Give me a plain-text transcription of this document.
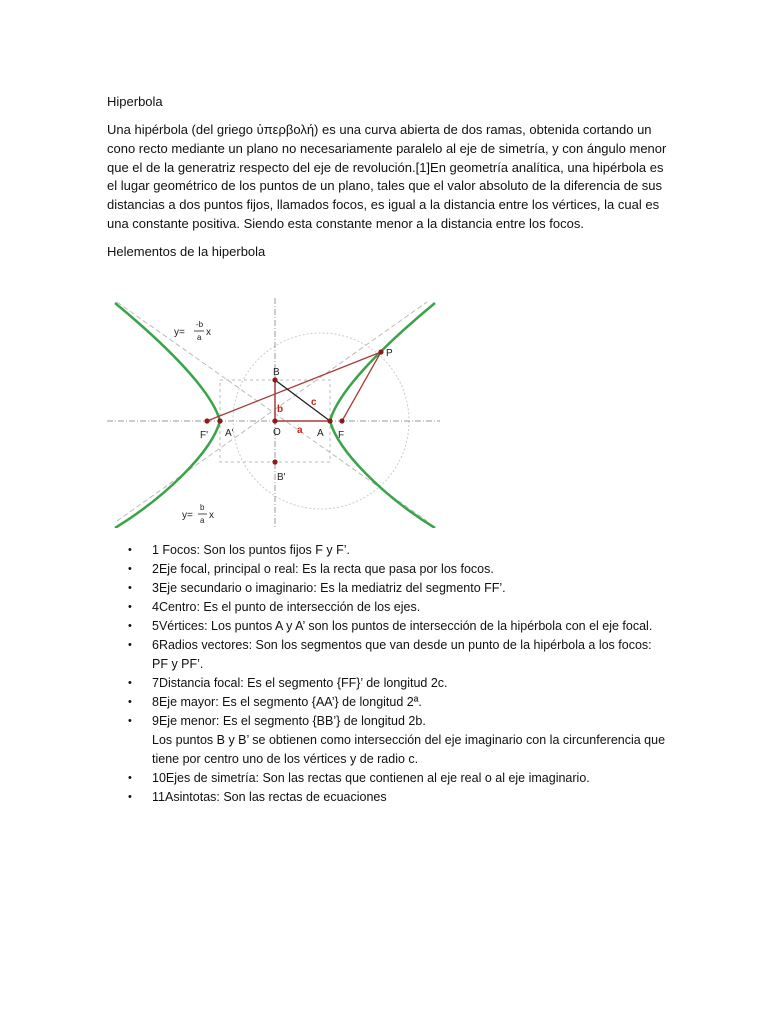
Hiperbola

Una hipérbola (del griego ὑπερβολή) es una curva abierta de dos ramas, obtenida cortando un cono recto mediante un plano no necesariamente paralelo al eje de simetría, y con ángulo menor que el de la generatriz respecto del eje de revolución.[1]En geometría analítica, una hipérbola es el lugar geométrico de los puntos de un plano, tales que el valor absoluto de la diferencia de sus distancias a dos puntos fijos, llamados focos, es igual a la distancia entre los vértices, la cual es una constante positiva. Siendo esta constante menor a la distancia entre los focos.

Helementos de la hiperbola

y=
-b
a x
y=
b
a x
P
B
F' A'	O	A F
B'
b
c
a
• 1 Focos: Son los puntos fijos F y F’.
• 2Eje focal, principal o real: Es la recta que pasa por los focos.
• 3Eje secundario o imaginario: Es la mediatriz del segmento FF’.
• 4Centro: Es el punto de intersección de los ejes.
• 5Vértices: Los puntos A y A’ son los puntos de intersección de la hipérbola con el eje focal.
• 6Radios vectores: Son los segmentos que van desde un punto de la hipérbola a los focos:
PF y PF’.
• 7Distancia focal: Es el segmento {FF}’ de longitud 2c.
• 8Eje mayor: Es el segmento {AA’} de longitud 2ª.
• 9Eje menor: Es el segmento {BB’} de longitud 2b.
Los puntos B y B’ se obtienen como intersección del eje imaginario con la circunferencia que tiene por centro uno de los vértices y de radio c.
• 10Ejes de simetría: Son las rectas que contienen al eje real o al eje imaginario.
• 11Asintotas: Son las rectas de ecuaciones
